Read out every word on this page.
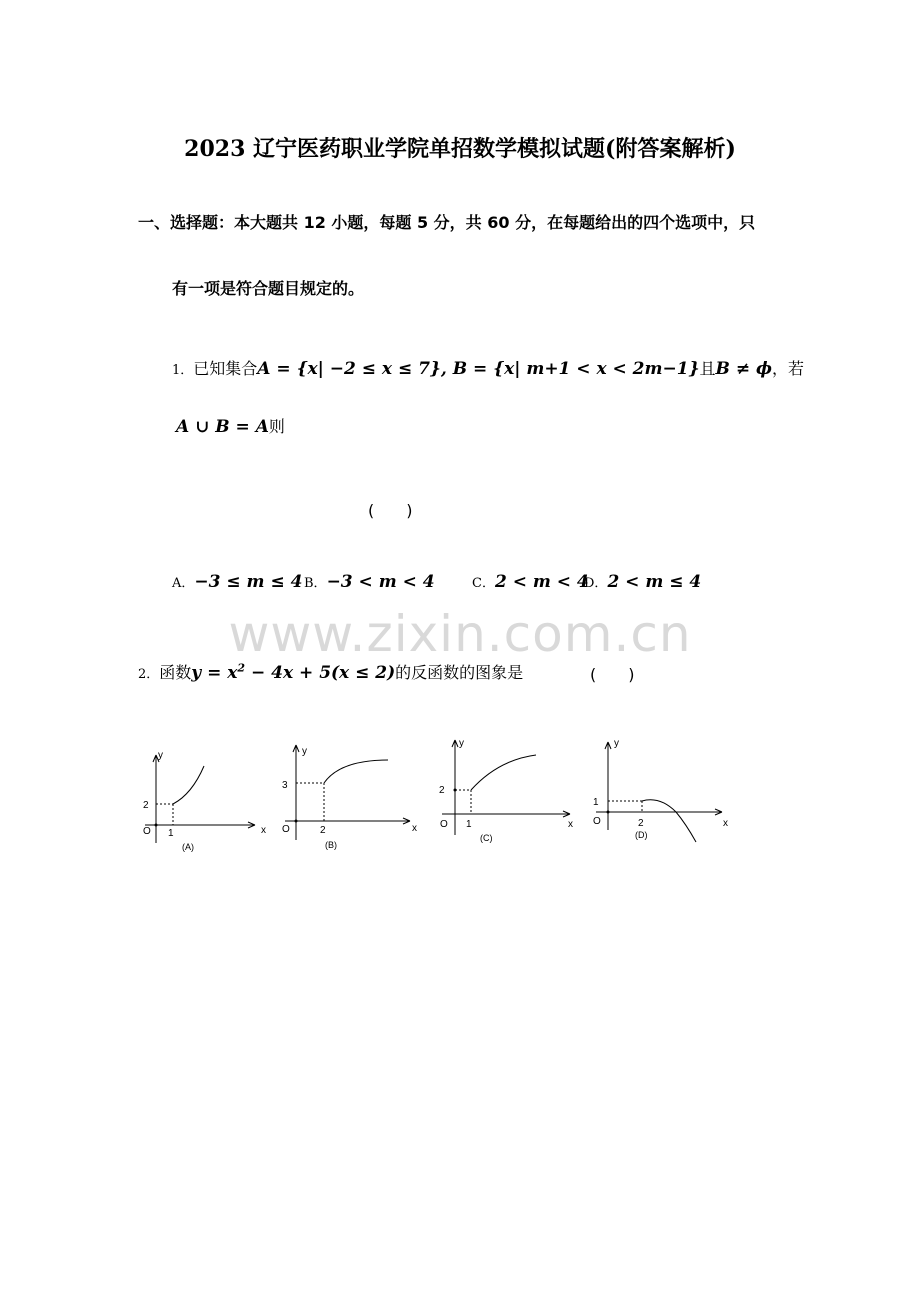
2023 辽宁医药职业学院单招数学模拟试题(附答案解析)
一、选择题：本大题共 12 小题，每题 5 分，共 60 分，在每题给出的四个选项中，只
有一项是符合题目规定的。
1．已知集合A = {x| −2 ≤ x ≤ 7}, B = {x| m+1 < x < 2m−1}且B ≠ ϕ，若
A ∪ B = A则
(　　)
A．−3 ≤ m ≤ 4 B．−3 < m < 4	C．2 < m < 4
D．2 < m ≤ 4
www.zixin.com.cn
2．函数$y = x^2 - 4x + 5(x \le 2)$的反函数的图象是	(　　)
y
2
O 1	x
(A)
y
3
O	2	x
(B)
y
2
O 1	x
(C)
y
1
O	2	x
(D)
